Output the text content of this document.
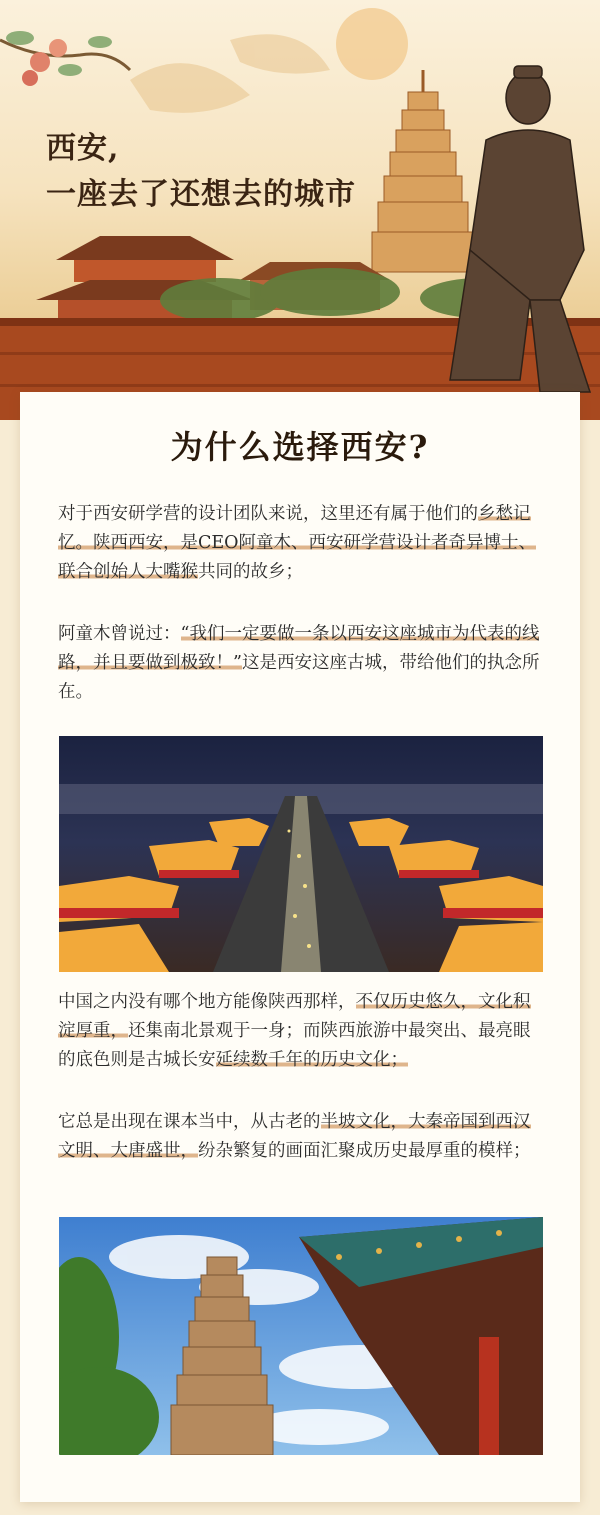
西安,
一座去了还想去的城市
为什么选择西安?

对于西安研学营的设计团队来说，这里还有属于他们的乡愁记忆。陕西西安，是CEO阿童木、西安研学营设计者奇异博士、联合创始人大嘴猴共同的故乡；

阿童木曾说过：“我们一定要做一条以西安这座城市为代表的线路，并且要做到极致！”这是西安这座古城，带给他们的执念所在。

中国之内没有哪个地方能像陕西那样，不仅历史悠久，文化积淀厚重，还集南北景观于一身；而陕西旅游中最突出、最亮眼的底色则是古城长安延续数千年的历史文化；

它总是出现在课本当中，从古老的半坡文化，大秦帝国到西汉文明、大唐盛世，纷杂繁复的画面汇聚成历史最厚重的模样；
